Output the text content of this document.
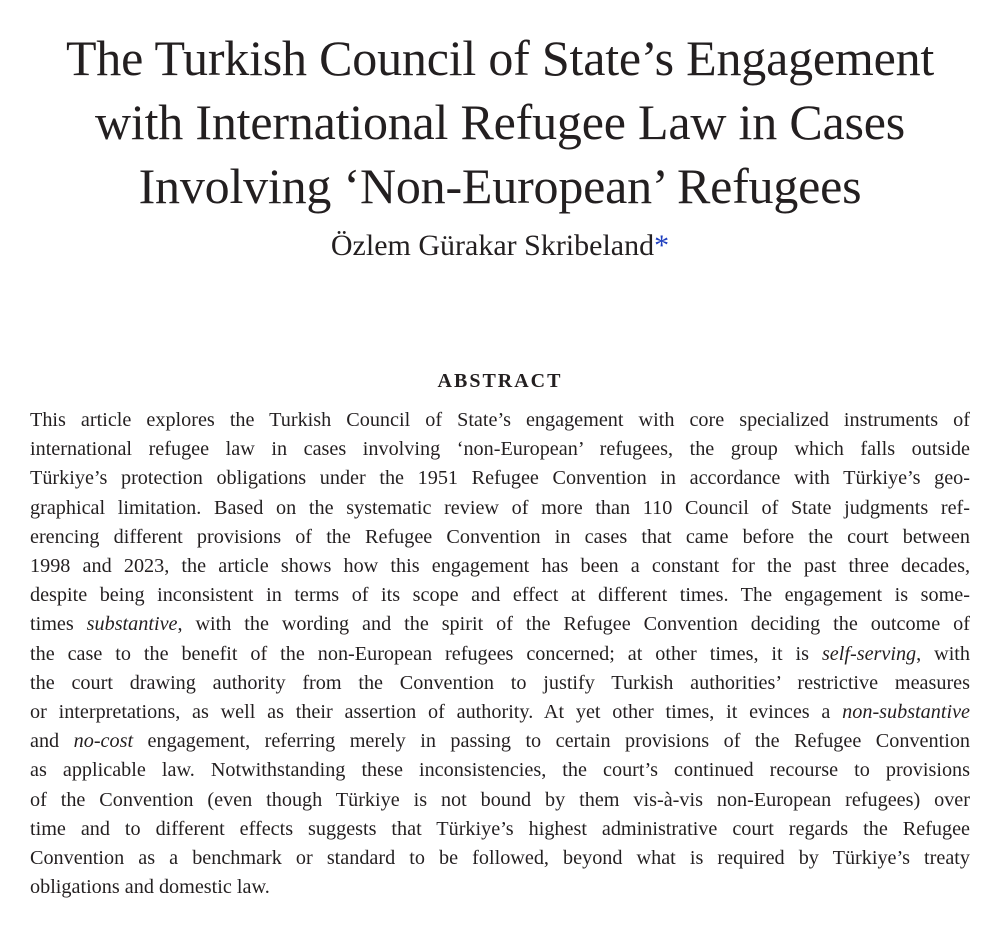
The Turkish Council of State’s Engagement
with International Refugee Law in Cases
Involving ‘Non-European’ Refugees

Özlem Gürakar Skribeland*

ABSTRACT
This article explores the Turkish Council of State’s engagement with core specialized instruments of
international refugee law in cases involving ‘non-European’ refugees, the group which falls outside
Türkiye’s protection obligations under the 1951 Refugee Convention in accordance with Türkiye’s geo-
graphical limitation. Based on the systematic review of more than 110 Council of State judgments ref-
erencing different provisions of the Refugee Convention in cases that came before the court between
1998 and 2023, the article shows how this engagement has been a constant for the past three decades,
despite being inconsistent in terms of its scope and effect at different times. The engagement is some-
times substantive, with the wording and the spirit of the Refugee Convention deciding the outcome of
the case to the benefit of the non-European refugees concerned; at other times, it is self-serving, with
the court drawing authority from the Convention to justify Turkish authorities’ restrictive measures
or interpretations, as well as their assertion of authority. At yet other times, it evinces a non-substantive
and no-cost engagement, referring merely in passing to certain provisions of the Refugee Convention
as applicable law. Notwithstanding these inconsistencies, the court’s continued recourse to provisions
of the Convention (even though Türkiye is not bound by them vis-à-vis non-European refugees) over
time and to different effects suggests that Türkiye’s highest administrative court regards the Refugee
Convention as a benchmark or standard to be followed, beyond what is required by Türkiye’s treaty
obligations and domestic law.
